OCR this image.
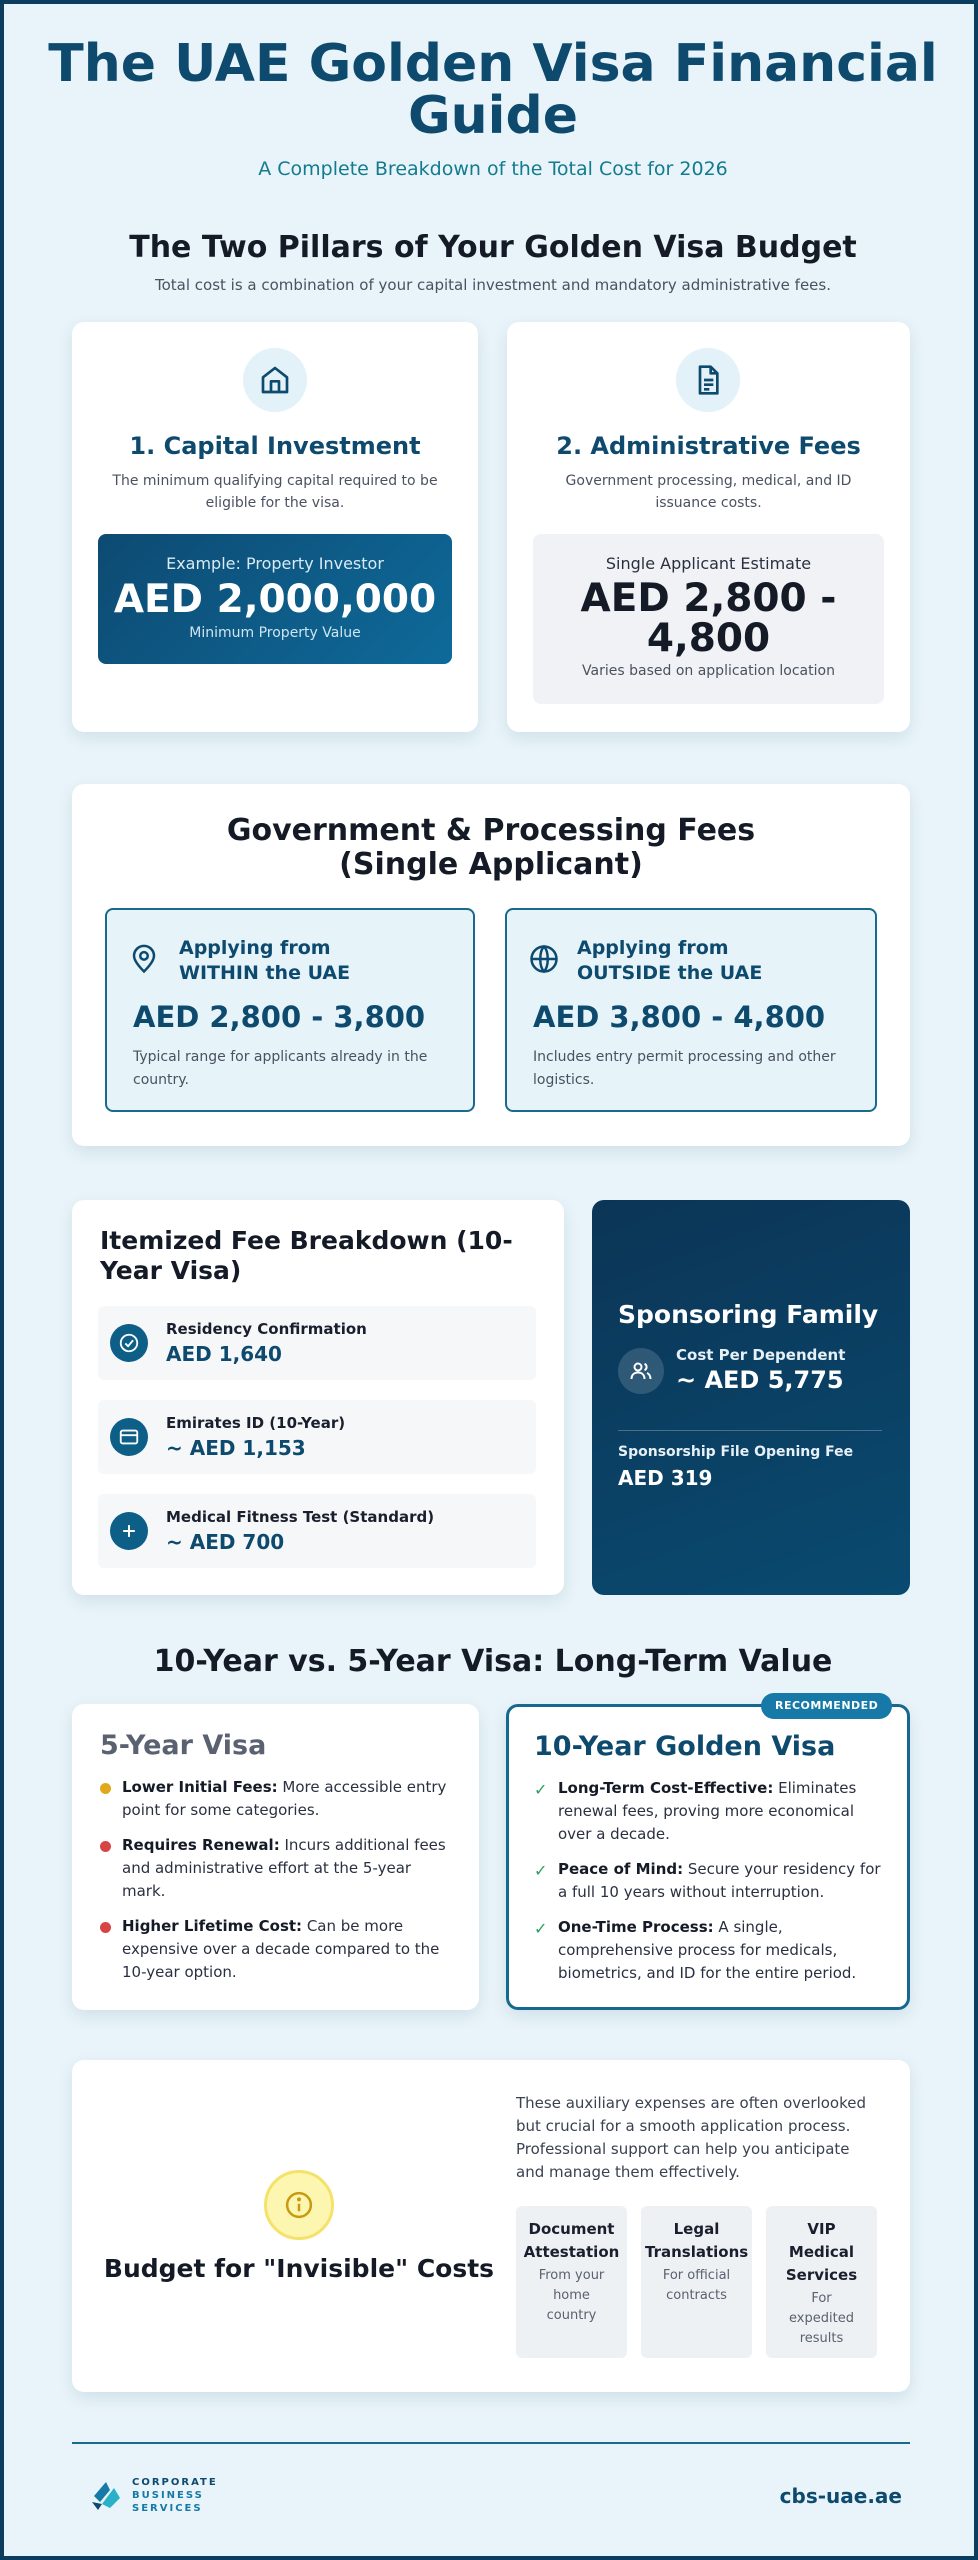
The UAE Golden Visa Financial Guide
A Complete Breakdown of the Total Cost for 2026
The Two Pillars of Your Golden Visa Budget
Total cost is a combination of your capital investment and mandatory administrative fees.
1. Capital Investment
The minimum qualifying capital required to be eligible for the visa.
Example: Property Investor
AED 2,000,000
Minimum Property Value
2. Administrative Fees
Government processing, medical, and ID issuance costs.
Single Applicant Estimate
AED 2,800 - 4,800
Varies based on application location
Government & Processing Fees (Single Applicant)
Applying from
WITHIN the UAE
AED 2,800 - 3,800
Typical range for applicants already in the country.
Applying from
OUTSIDE the UAE
AED 3,800 - 4,800
Includes entry permit processing and other logistics.
Itemized Fee Breakdown (10-Year Visa)
Residency Confirmation
AED 1,640
Emirates ID (10-Year)
~ AED 1,153
Medical Fitness Test (Standard)
~ AED 700
Sponsoring Family
Cost Per Dependent
~ AED 5,775
Sponsorship File Opening Fee
AED 319
10-Year vs. 5-Year Visa: Long-Term Value
5-Year Visa
Lower Initial Fees: More accessible entry point for some categories.
Requires Renewal: Incurs additional fees and administrative effort at the 5-year mark.
Higher Lifetime Cost: Can be more expensive over a decade compared to the 10-year option.
RECOMMENDED
10-Year Golden Visa
✓ Long-Term Cost-Effective: Eliminates renewal fees, proving more economical over a decade.
✓ Peace of Mind: Secure your residency for a full 10 years without interruption.
✓ One-Time Process: A single, comprehensive process for medicals, biometrics, and ID for the entire period.
Budget for "Invisible" Costs
These auxiliary expenses are often overlooked but crucial for a smooth application process. Professional support can help you anticipate and manage them effectively.
Document Attestation
From your home country
Legal Translations
For official contracts
VIP Medical Services
For expedited results
CORPORATE
BUSINESS
SERVICES
cbs-uae.ae
